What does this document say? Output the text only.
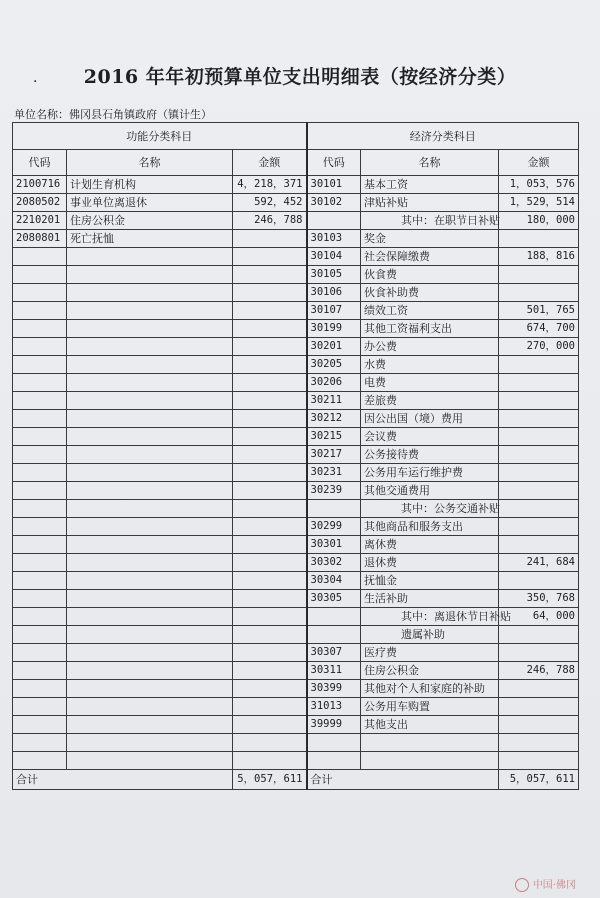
·	2016 年年初预算单位支出明细表（按经济分类）
单位名称：佛冈县石角镇政府（镇计生）
功能分类科目			经济分类科目		
代码	名称	金额	代码	名称	金额
2100716	计划生育机构	4，218，371	30101	基本工资	1，053，576
2080502	事业单位离退休	592，452	30102	津贴补贴	1，529，514
2210201	住房公积金	246，788		其中：在职节日补贴	180，000
2080801	死亡抚恤		30103	奖金	
			30104	社会保障缴费	188，816
			30105	伙食费	
			30106	伙食补助费	
			30107	绩效工资	501，765
			30199	其他工资福利支出	674，700
			30201	办公费	270，000
			30205	水费	
			30206	电费	
			30211	差旅费	
			30212	因公出国（境）费用	
			30215	会议费	
			30217	公务接待费	
			30231	公务用车运行维护费	
			30239	其他交通费用	
				其中：公务交通补贴	
			30299	其他商品和服务支出	
			30301	离休费	
			30302	退休费	241，684
			30304	抚恤金	
			30305	生活补助	350，768
				其中：离退休节日补贴	64，000
				遗属补助	
			30307	医疗费	
			30311	住房公积金	246，788
			30399	其他对个人和家庭的补助	
			31013	公务用车购置	
			39999	其他支出	

合计		5，057，611	合计		5，057，611
中国·佛冈
